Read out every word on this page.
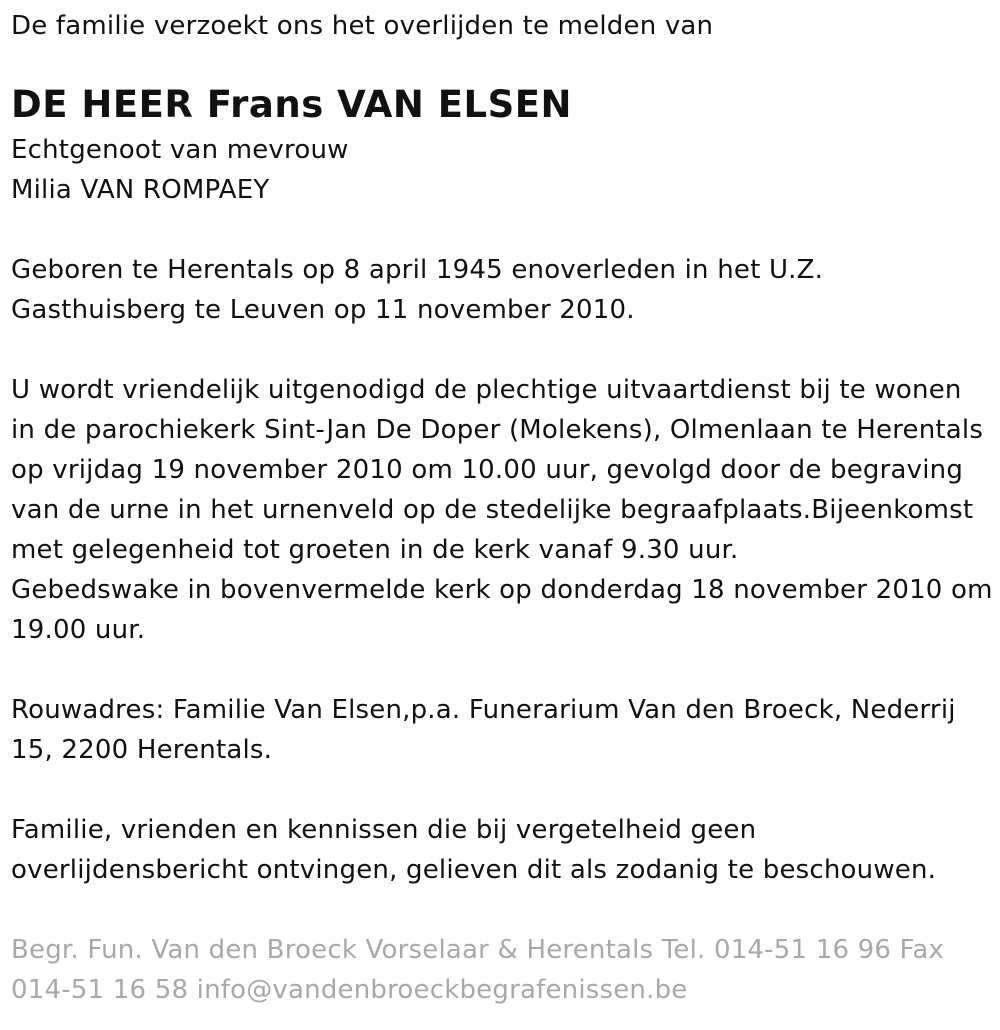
De familie verzoekt ons het overlijden te melden van
DE HEER Frans VAN ELSEN
Echtgenoot van mevrouw
Milia VAN ROMPAEY
Geboren te Herentals op 8 april 1945 enoverleden in het U.Z.
Gasthuisberg te Leuven op 11 november 2010.
U wordt vriendelijk uitgenodigd de plechtige uitvaartdienst bij te wonen
in de parochiekerk Sint-Jan De Doper (Molekens), Olmenlaan te Herentals
op vrijdag 19 november 2010 om 10.00 uur, gevolgd door de begraving
van de urne in het urnenveld op de stedelijke begraafplaats.Bijeenkomst
met gelegenheid tot groeten in de kerk vanaf 9.30 uur.
Gebedswake in bovenvermelde kerk op donderdag 18 november 2010 om
19.00 uur.
Rouwadres: Familie Van Elsen,p.a. Funerarium Van den Broeck, Nederrij
15, 2200 Herentals.
Familie, vrienden en kennissen die bij vergetelheid geen
overlijdensbericht ontvingen, gelieven dit als zodanig te beschouwen.
Begr. Fun. Van den Broeck Vorselaar & Herentals Tel. 014-51 16 96 Fax
014-51 16 58 info@vandenbroeckbegrafenissen.be
